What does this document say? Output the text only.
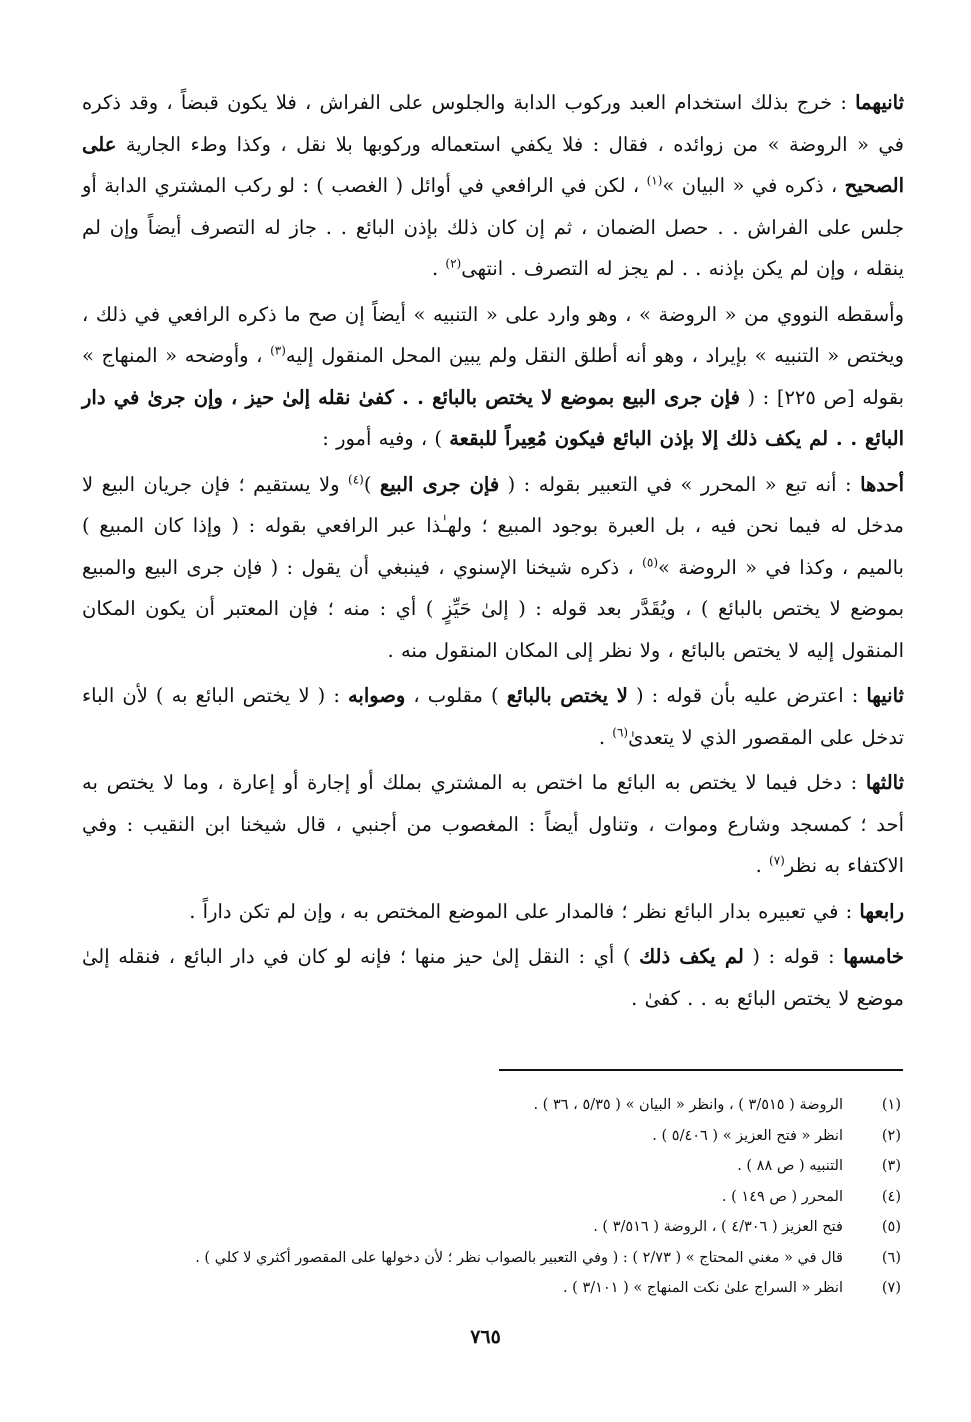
ثانيهما : خرج بذلك استخدام العبد وركوب الدابة والجلوس على الفراش ، فلا يكون قبضاً ، وقد ذكره في « الروضة » من زوائده ، فقال : فلا يكفي استعماله وركوبها بلا نقل ، وكذا وطء الجارية على الصحيح ، ذكره في « البيان »$^{(١)}$ ، لكن في الرافعي في أوائل ( الغصب ) : لو ركب المشتري الدابة أو جلس على الفراش . . حصل الضمان ، ثم إن كان ذلك بإذن البائع . . جاز له التصرف أيضاً وإن لم ينقله ، وإن لم يكن بإذنه . . لم يجز له التصرف . انتهى$^{(٢)}$ .

وأسقطه النووي من « الروضة » ، وهو وارد على « التنبيه » أيضاً إن صح ما ذكره الرافعي في ذلك ، ويختص « التنبيه » بإيراد ، وهو أنه أطلق النقل ولم يبين المحل المنقول إليه$^{(٣)}$ ، وأوضحه « المنهاج » بقوله [ص ٢٢٥] : ( فإن جرى البيع بموضع لا يختص بالبائع . . كفىٰ نقله إلىٰ حيز ، وإن جرىٰ في دار البائع . . لم يكف ذلك إلا بإذن البائع فيكون مُعِيراً للبقعة ) ، وفيه أمور :

أحدها : أنه تبع « المحرر » في التعبير بقوله : ( فإن جرى البيع )$^{(٤)}$ ولا يستقيم ؛ فإن جريان البيع لا مدخل له فيما نحن فيه ، بل العبرة بوجود المبيع ؛ ولهـٰذا عبر الرافعي بقوله : ( وإذا كان المبيع ) بالميم ، وكذا في « الروضة »$^{(٥)}$ ، ذكره شيخنا الإسنوي ، فينبغي أن يقول : ( فإن جرى البيع والمبيع بموضع لا يختص بالبائع ) ، ويُقَدَّر بعد قوله : ( إلىٰ حَيِّزٍ ) أي : منه ؛ فإن المعتبر أن يكون المكان المنقول إليه لا يختص بالبائع ، ولا نظر إلى المكان المنقول منه .

ثانيها : اعترض عليه بأن قوله : ( لا يختص بالبائع ) مقلوب ، وصوابه : ( لا يختص البائع به ) لأن الباء تدخل على المقصور الذي لا يتعدىٰ$^{(٦)}$ .

ثالثها : دخل فيما لا يختص به البائع ما اختص به المشتري بملك أو إجارة أو إعارة ، وما لا يختص به أحد ؛ كمسجد وشارع وموات ، وتناول أيضاً : المغصوب من أجنبي ، قال شيخنا ابن النقيب : وفي الاكتفاء به نظر$^{(٧)}$ .

رابعها : في تعبيره بدار البائع نظر ؛ فالمدار على الموضع المختص به ، وإن لم تكن داراً .

خامسها : قوله : ( لم يكف ذلك ) أي : النقل إلىٰ حيز منها ؛ فإنه لو كان في دار البائع ، فنقله إلىٰ موضع لا يختص البائع به . . كفىٰ .

(١)
الروضة ( ٣/٥١٥ ) ، وانظر « البيان » ( ٥/٣٥ ، ٣٦ ) .
(٢)
انظر « فتح العزيز » ( ٥/٤٠٦ ) .
(٣)
التنبيه ( ص ٨٨ ) .
(٤)
المحرر ( ص ١٤٩ ) .
(٥)
فتح العزيز ( ٤/٣٠٦ ) ، الروضة ( ٣/٥١٦ ) .
(٦)
قال في « مغني المحتاج » ( ٢/٧٣ ) : ( وفي التعبير بالصواب نظر ؛ لأن دخولها على المقصور أكثري لا كلي ) .
(٧)
انظر « السراج علىٰ نكت المنهاج » ( ٣/١٠١ ) .
٧٦٥
